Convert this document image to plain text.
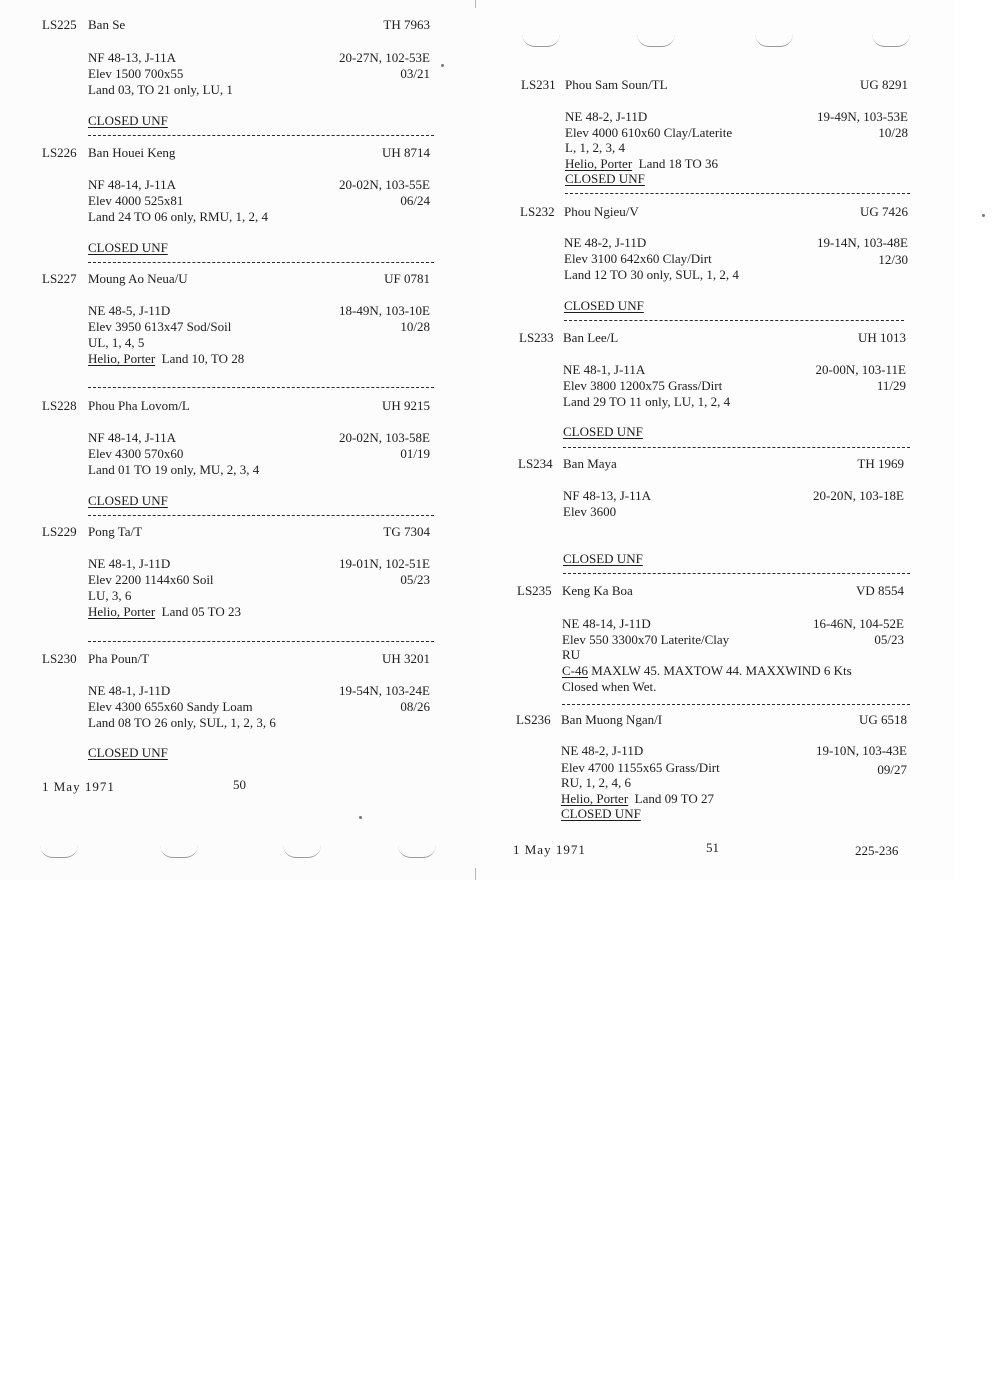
LS225 Ban Se	TH 7963
NF 48-13, J-11A	20-27N, 102-53E
Elev 1500 700x55	03/21
Land 03, TO 21 only, LU, 1
CLOSED UNF
LS226 Ban Houei Keng	UH 8714
NF 48-14, J-11A	20-02N, 103-55E
Elev 4000 525x81	06/24
Land 24 TO 06 only, RMU, 1, 2, 4
CLOSED UNF
LS227 Moung Ao Neua/U	UF 0781
NE 48-5, J-11D	18-49N, 103-10E
Elev 3950 613x47 Sod/Soil	10/28
UL, 1, 4, 5
Helio, Porter Land 10, TO 28
LS228 Phou Pha Lovom/L	UH 9215
NF 48-14, J-11A	20-02N, 103-58E
Elev 4300 570x60	01/19
Land 01 TO 19 only, MU, 2, 3, 4
CLOSED UNF
LS229 Pong Ta/T	TG 7304
NE 48-1, J-11D	19-01N, 102-51E
Elev 2200 1144x60 Soil	05/23
LU, 3, 6
Helio, Porter Land 05 TO 23
LS230 Pha Poun/T	UH 3201
NE 48-1, J-11D	19-54N, 103-24E
Elev 4300 655x60 Sandy Loam	08/26
Land 08 TO 26 only, SUL, 1, 2, 3, 6
CLOSED UNF
1 May 1971	50
LS231 Phou Sam Soun/TL	UG 8291
NE 48-2, J-11D	19-49N, 103-53E
Elev 4000 610x60 Clay/Laterite	10/28
L, 1, 2, 3, 4
Helio, Porter Land 18 TO 36
CLOSED UNF
LS232 Phou Ngieu/V	UG 7426
NE 48-2, J-11D	19-14N, 103-48E
Elev 3100 642x60 Clay/Dirt	12/30
Land 12 TO 30 only, SUL, 1, 2, 4
CLOSED UNF
LS233 Ban Lee/L	UH 1013
NE 48-1, J-11A	20-00N, 103-11E
Elev 3800 1200x75 Grass/Dirt	11/29
Land 29 TO 11 only, LU, 1, 2, 4
CLOSED UNF
LS234 Ban Maya	TH 1969
NF 48-13, J-11A	20-20N, 103-18E
Elev 3600
CLOSED UNF
LS235 Keng Ka Boa	VD 8554
NE 48-14, J-11D	16-46N, 104-52E
Elev 550 3300x70 Laterite/Clay	05/23
RU
C-46 MAXLW 45. MAXTOW 44. MAXXWIND 6 Kts
Closed when Wet.
LS236 Ban Muong Ngan/I	UG 6518
NE 48-2, J-11D	19-10N, 103-43E
Elev 4700 1155x65 Grass/Dirt	09/27
RU, 1, 2, 4, 6
Helio, Porter Land 09 TO 27
CLOSED UNF
1 May 1971	51	225-236
